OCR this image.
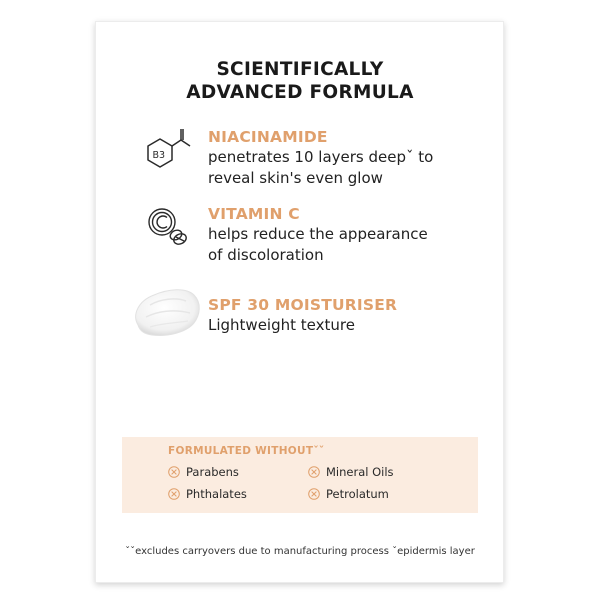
SCIENTIFICALLY
ADVANCED FORMULA
B3
NIACINAMIDE
penetrates 10 layers deepˇ to
reveal skin's even glow
VITAMIN C
helps reduce the appearance
of discoloration
SPF 30 MOISTURISER
Lightweight texture
FORMULATED WITHOUTˇˇ
Parabens	Mineral Oils
Phthalates	Petrolatum
ˇˇexcludes carryovers due to manufacturing process ˇepidermis layer
